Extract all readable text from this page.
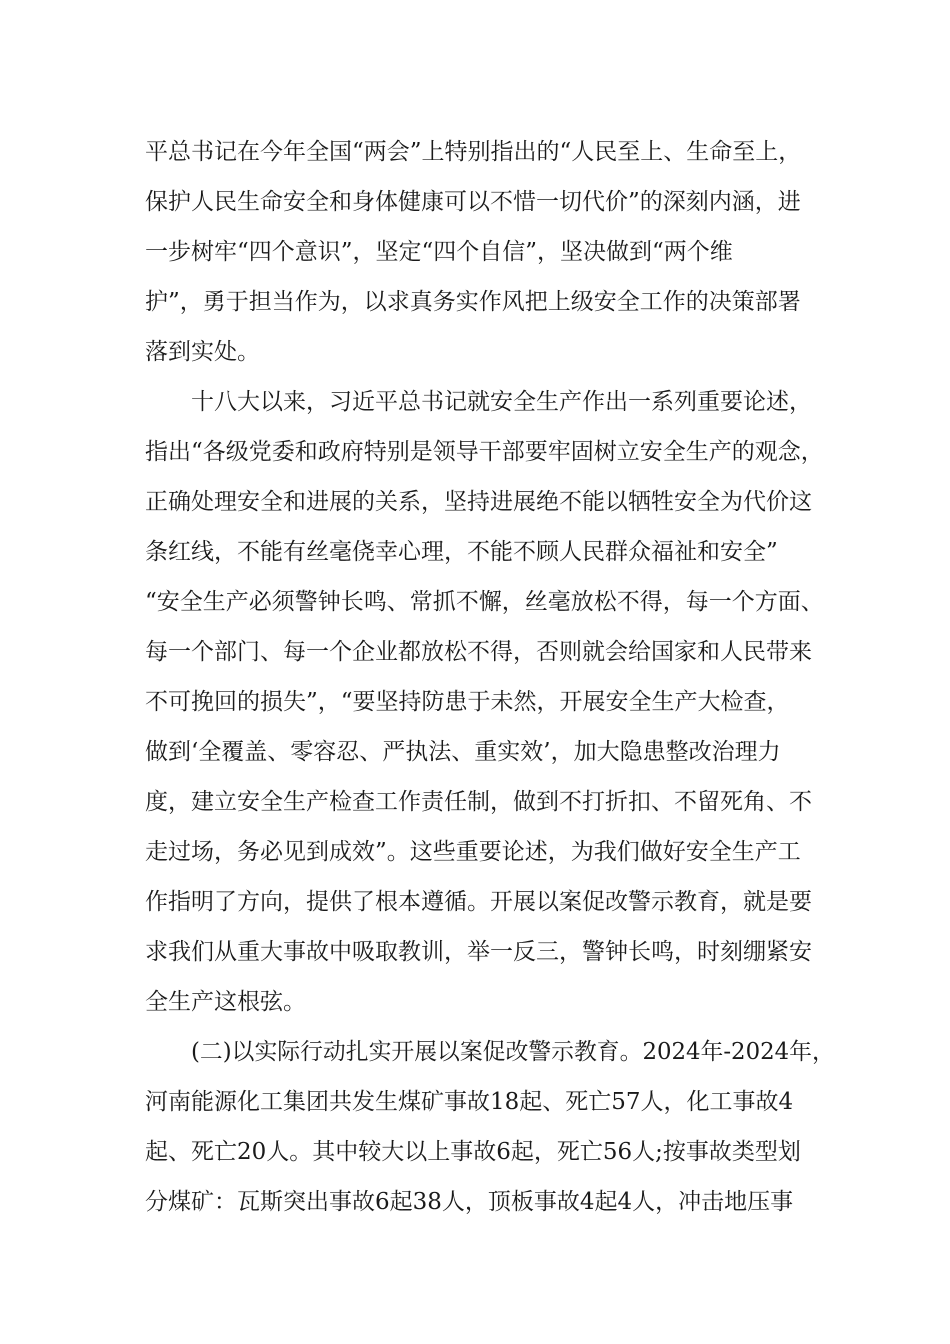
平总书记在今年全国“两会”上特别指出的“人民至上、生命至上，
保护人民生命安全和身体健康可以不惜一切代价”的深刻内涵，进
一步树牢“四个意识”，坚定“四个自信”，坚决做到“两个维
护”，勇于担当作为，以求真务实作风把上级安全工作的决策部署
落到实处。
十八大以来，习近平总书记就安全生产作出一系列重要论述，
指出“各级党委和政府特别是领导干部要牢固树立安全生产的观念，
正确处理安全和进展的关系，坚持进展绝不能以牺牲安全为代价这
条红线，不能有丝毫侥幸心理，不能不顾人民群众福祉和安全”
“安全生产必须警钟长鸣、常抓不懈，丝毫放松不得，每一个方面、
每一个部门、每一个企业都放松不得，否则就会给国家和人民带来
不可挽回的损失”，“要坚持防患于未然，开展安全生产大检查，
做到‘全覆盖、零容忍、严执法、重实效’，加大隐患整改治理力
度，建立安全生产检查工作责任制，做到不打折扣、不留死角、不
走过场，务必见到成效”。这些重要论述，为我们做好安全生产工
作指明了方向，提供了根本遵循。开展以案促改警示教育，就是要
求我们从重大事故中吸取教训，举一反三，警钟长鸣，时刻绷紧安
全生产这根弦。
(二)以实际行动扎实开展以案促改警示教育。2024年-2024年，
河南能源化工集团共发生煤矿事故18起、死亡57人，化工事故4
起、死亡20人。其中较大以上事故6起，死亡56人;按事故类型划
分煤矿：瓦斯突出事故6起38人，顶板事故4起4人，冲击地压事
